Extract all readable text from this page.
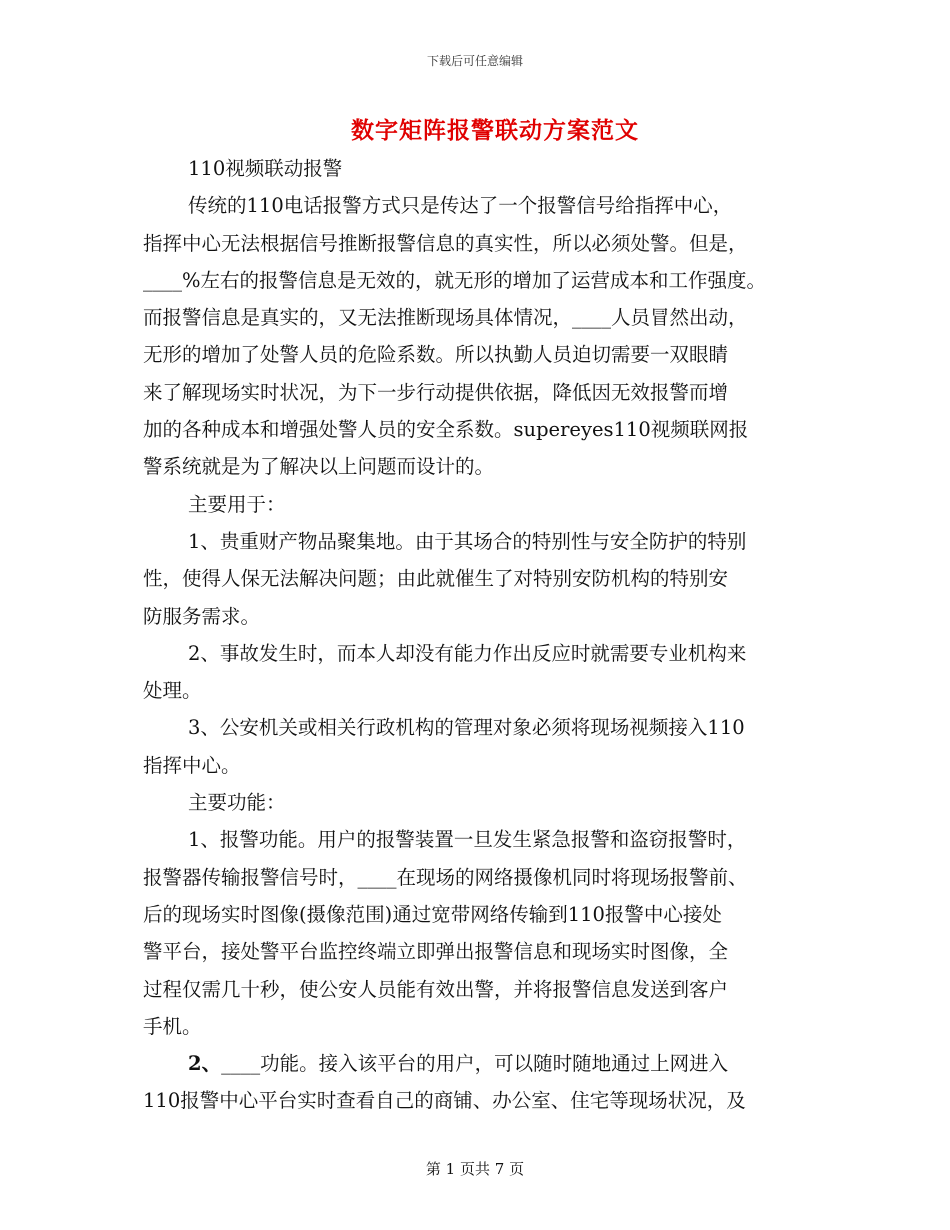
下载后可任意编辑
数字矩阵报警联动方案范文
110视频联动报警
传统的110电话报警方式只是传达了一个报警信号给指挥中心，
指挥中心无法根据信号推断报警信息的真实性，所以必须处警。但是，
____%左右的报警信息是无效的，就无形的增加了运营成本和工作强度。
而报警信息是真实的，又无法推断现场具体情况，____人员冒然出动，
无形的增加了处警人员的危险系数。所以执勤人员迫切需要一双眼睛
来了解现场实时状况，为下一步行动提供依据，降低因无效报警而增
加的各种成本和增强处警人员的安全系数。supereyes110视频联网报
警系统就是为了解决以上问题而设计的。
主要用于：
1、贵重财产物品聚集地。由于其场合的特别性与安全防护的特别
性，使得人保无法解决问题；由此就催生了对特别安防机构的特别安
防服务需求。
2、事故发生时，而本人却没有能力作出反应时就需要专业机构来
处理。
3、公安机关或相关行政机构的管理对象必须将现场视频接入110
指挥中心。
主要功能：
1、报警功能。用户的报警装置一旦发生紧急报警和盗窃报警时，
报警器传输报警信号时，____在现场的网络摄像机同时将现场报警前、
后的现场实时图像(摄像范围)通过宽带网络传输到110报警中心接处
警平台，接处警平台监控终端立即弹出报警信息和现场实时图像，全
过程仅需几十秒，使公安人员能有效出警，并将报警信息发送到客户
手机。
2、____功能。接入该平台的用户，可以随时随地通过上网进入
110报警中心平台实时查看自己的商铺、办公室、住宅等现场状况，及
第 1 页共 7 页
